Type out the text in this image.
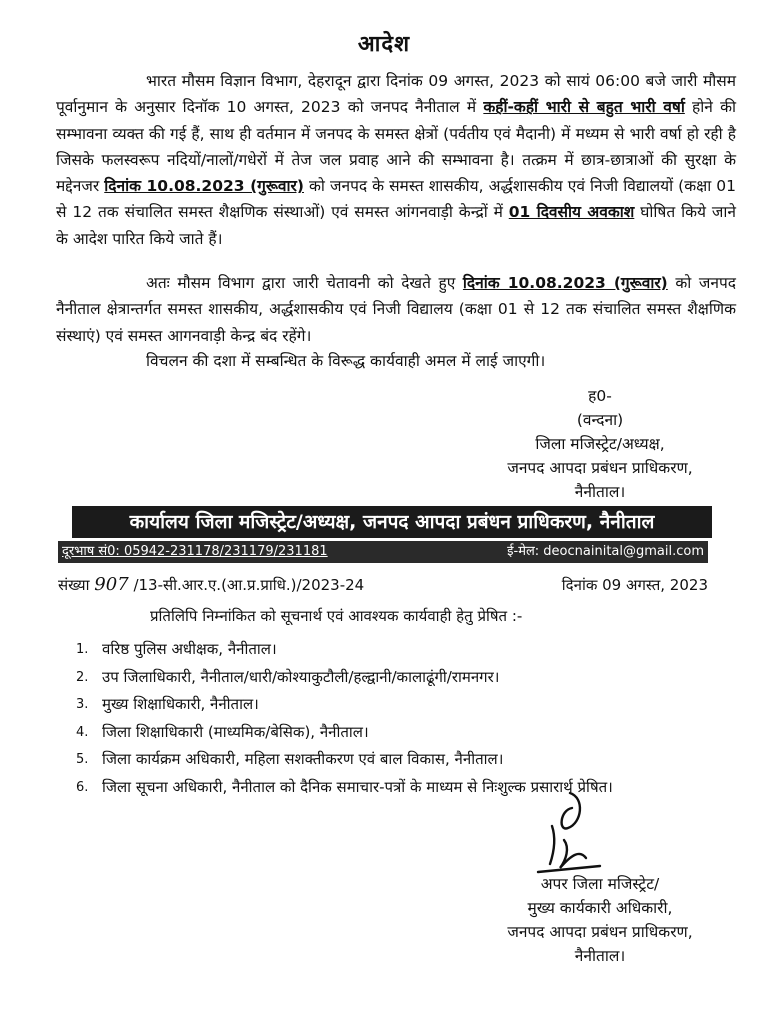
आदेश
भारत मौसम विज्ञान विभाग, देहरादून द्वारा दिनांक 09 अगस्त, 2023 को सायं 06:00 बजे जारी मौसम पूर्वानुमान के अनुसार दिनॉक 10 अगस्त, 2023 को जनपद नैनीताल में कहीं-कहीं भारी से बहुत भारी वर्षा होने की सम्भावना व्यक्त की गई हैं, साथ ही वर्तमान में जनपद के समस्त क्षेत्रों (पर्वतीय एवं मैदानी) में मध्यम से भारी वर्षा हो रही है जिसके फलस्वरूप नदियों/नालों/गधेरों में तेज जल प्रवाह आने की सम्भावना है। तत्क्रम में छात्र-छात्राओं की सुरक्षा के मद्देनजर दिनांक 10.08.2023 (गुरूवार) को जनपद के समस्त शासकीय, अर्द्धशासकीय एवं निजी विद्यालयों (कक्षा 01 से 12 तक संचालित समस्त शैक्षणिक संस्थाओं) एवं समस्त आंगनवाड़ी केन्द्रों में 01 दिवसीय अवकाश घोषित किये जाने के आदेश पारित किये जाते हैं।
अतः मौसम विभाग द्वारा जारी चेतावनी को देखते हुए दिनांक 10.08.2023 (गुरूवार) को जनपद नैनीताल क्षेत्रान्तर्गत समस्त शासकीय, अर्द्धशासकीय एवं निजी विद्यालय (कक्षा 01 से 12 तक संचालित समस्त शैक्षणिक संस्थाएं) एवं समस्त आगनवाड़ी केन्द्र बंद रहेंगे।
विचलन की दशा में सम्बन्धित के विरूद्ध कार्यवाही अमल में लाई जाएगी।
ह0-
(वन्दना)
जिला मजिस्ट्रेट/अध्यक्ष,
जनपद आपदा प्रबंधन प्राधिकरण,
नैनीताल।
कार्यालय जिला मजिस्ट्रेट/अध्यक्ष, जनपद आपदा प्रबंधन प्राधिकरण, नैनीताल
दूरभाष सं0: 05942-231178/231179/231181	ई-मेल: deocnainital@gmail.com
संख्या 907 /13-सी.आर.ए.(आ.प्र.प्राधि.)/2023-24	दिनांक 09 अगस्त, 2023
प्रतिलिपि निम्नांकित को सूचनार्थ एवं आवश्यक कार्यवाही हेतु प्रेषित :-
1. वरिष्ठ पुलिस अधीक्षक, नैनीताल।
2. उप जिलाधिकारी, नैनीताल/धारी/कोश्याकुटौली/हल्द्वानी/कालाढूंगी/रामनगर।
3. मुख्य शिक्षाधिकारी, नैनीताल।
4. जिला शिक्षाधिकारी (माध्यमिक/बेसिक), नैनीताल।
5. जिला कार्यक्रम अधिकारी, महिला सशक्तीकरण एवं बाल विकास, नैनीताल।
6. जिला सूचना अधिकारी, नैनीताल को दैनिक समाचार-पत्रों के माध्यम से निःशुल्क प्रसारार्थ प्रेषित।
अपर जिला मजिस्ट्रेट/
मुख्य कार्यकारी अधिकारी,
जनपद आपदा प्रबंधन प्राधिकरण,
नैनीताल।
